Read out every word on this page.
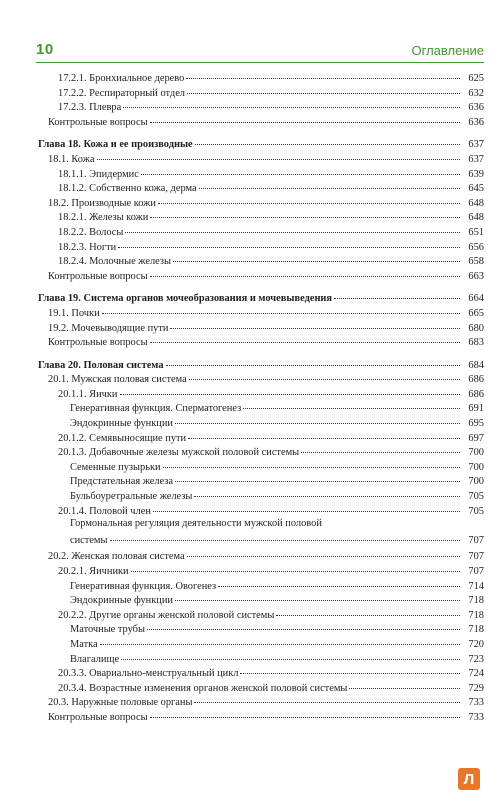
10	Оглавление
17.2.1. Бронхиальное дерево	625
17.2.2. Респираторный отдел	632
17.2.3. Плевра	636
Контрольные вопросы	636
Глава 18. Кожа и ее производные	637
18.1. Кожа	637
18.1.1. Эпидермис	639
18.1.2. Собственно кожа, дерма	645
18.2. Производные кожи	648
18.2.1. Железы кожи	648
18.2.2. Волосы	651
18.2.3. Ногти	656
18.2.4. Молочные железы	658
Контрольные вопросы	663
Глава 19. Система органов мочеобразования и мочевыведения	664
19.1. Почки	665
19.2. Мочевыводящие пути	680
Контрольные вопросы	683
Глава 20. Половая система	684
20.1. Мужская половая система	686
20.1.1. Яички	686
Генеративная функция. Сперматогенез	691
Эндокринные функции	695
20.1.2. Семявыносящие пути	697
20.1.3. Добавочные железы мужской половой системы	700
Семенные пузырьки	700
Предстательная железа	700
Бульбоуретральные железы	705
20.1.4. Половой член	705
Гормональная регуляция деятельности мужской половой
системы	707
20.2. Женская половая система	707
20.2.1. Яичники	707
Генеративная функция. Овогенез	714
Эндокринные функции	718
20.2.2. Другие органы женской половой системы	718
Маточные трубы	718
Матка	720
Влагалище	723
20.3.3. Овариально-менструальный цикл	724
20.3.4. Возрастные изменения органов женской половой системы	729
20.3. Наружные половые органы	733
Контрольные вопросы	733
Л
